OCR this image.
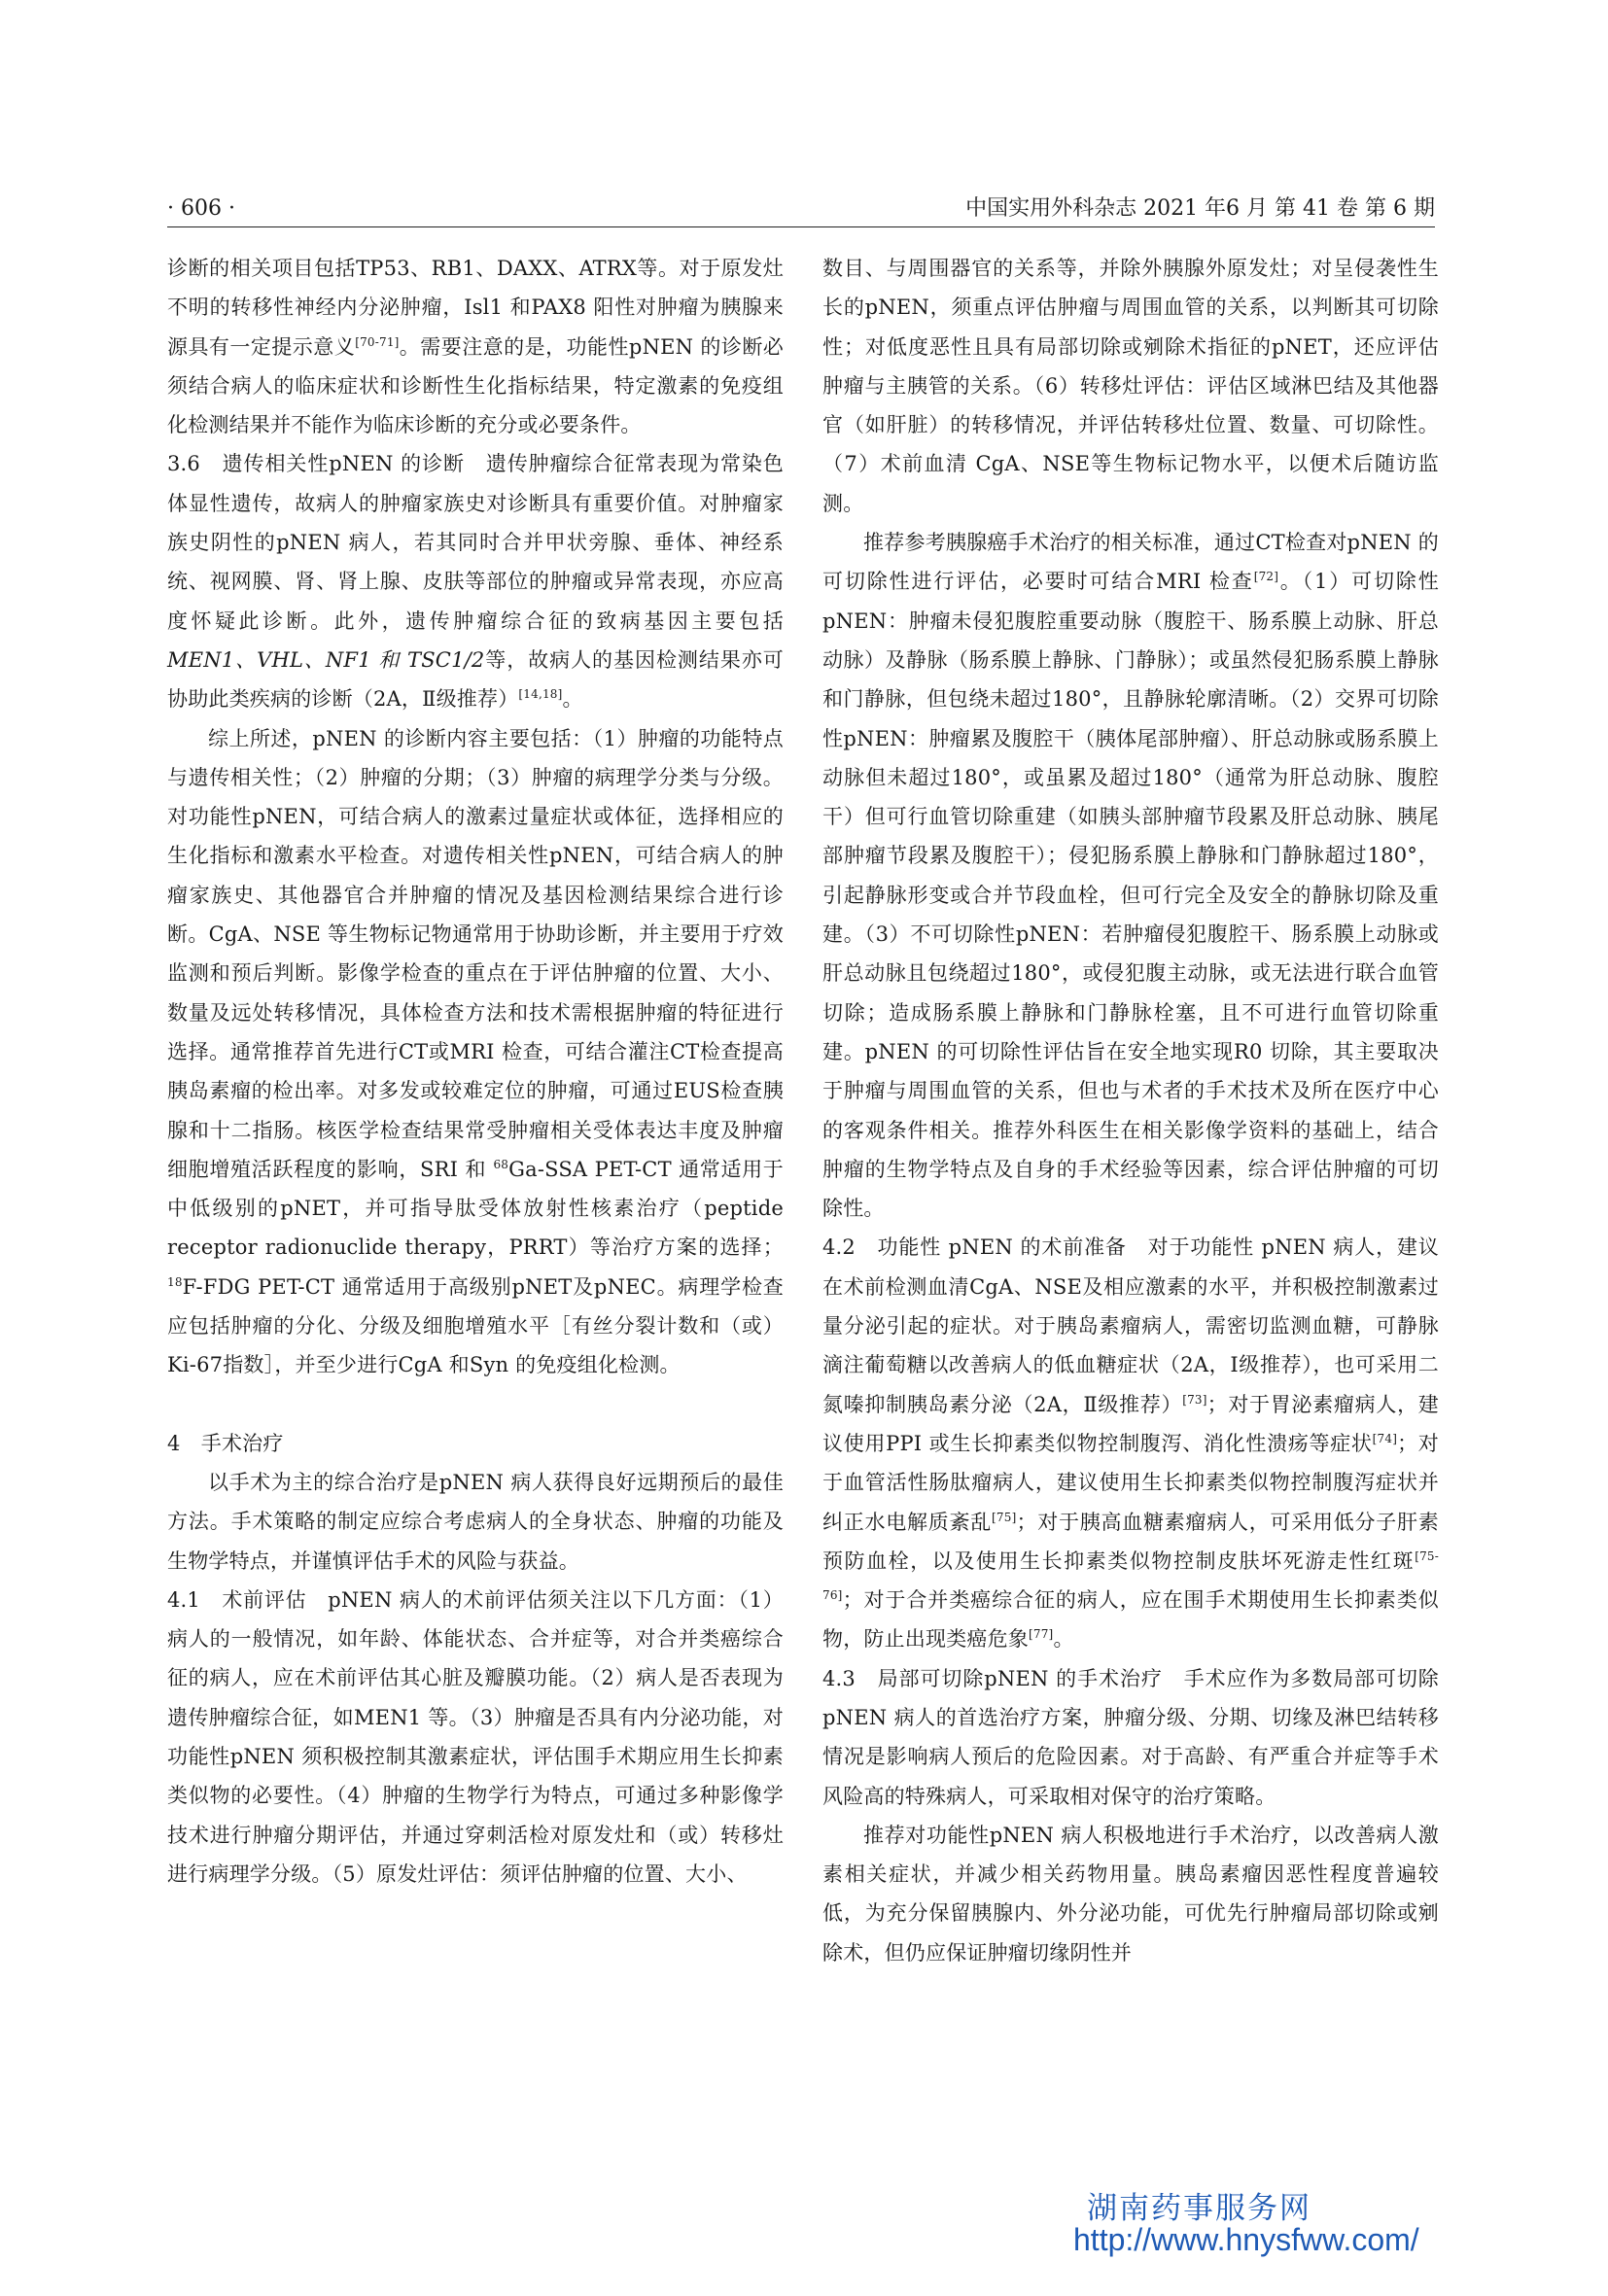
· 606 ·	中国实用外科杂志 2021 年6 月 第 41 卷 第 6 期

诊断的相关项目包括TP53、RB1、DAXX、ATRX等。对于原发灶不明的转移性神经内分泌肿瘤，Isl1 和PAX8 阳性对肿瘤为胰腺来源具有一定提示意义[70-71]。需要注意的是，功能性pNEN 的诊断必须结合病人的临床症状和诊断性生化指标结果，特定激素的免疫组化检测结果并不能作为临床诊断的充分或必要条件。

3.6　遗传相关性pNEN 的诊断　遗传肿瘤综合征常表现为常染色体显性遗传，故病人的肿瘤家族史对诊断具有重要价值。对肿瘤家族史阴性的pNEN 病人，若其同时合并甲状旁腺、垂体、神经系统、视网膜、肾、肾上腺、皮肤等部位的肿瘤或异常表现，亦应高度怀疑此诊断。此外，遗传肿瘤综合征的致病基因主要包括MEN1、VHL、NF1 和 TSC1/2等，故病人的基因检测结果亦可协助此类疾病的诊断（2A，Ⅱ级推荐）[14,18]。

综上所述，pNEN 的诊断内容主要包括：（1）肿瘤的功能特点与遗传相关性；（2）肿瘤的分期；（3）肿瘤的病理学分类与分级。对功能性pNEN，可结合病人的激素过量症状或体征，选择相应的生化指标和激素水平检查。对遗传相关性pNEN，可结合病人的肿瘤家族史、其他器官合并肿瘤的情况及基因检测结果综合进行诊断。CgA、NSE 等生物标记物通常用于协助诊断，并主要用于疗效监测和预后判断。影像学检查的重点在于评估肿瘤的位置、大小、数量及远处转移情况，具体检查方法和技术需根据肿瘤的特征进行选择。通常推荐首先进行CT或MRI 检查，可结合灌注CT检查提高胰岛素瘤的检出率。对多发或较难定位的肿瘤，可通过EUS检查胰腺和十二指肠。核医学检查结果常受肿瘤相关受体表达丰度及肿瘤细胞增殖活跃程度的影响，SRI 和 $^{68}$Ga-SSA PET-CT 通常适用于中低级别的pNET，并可指导肽受体放射性核素治疗（peptide receptor radionuclide therapy，PRRT）等治疗方案的选择；$^{18}$F-FDG PET-CT 通常适用于高级别pNET及pNEC。病理学检查应包括肿瘤的分化、分级及细胞增殖水平［有丝分裂计数和（或）Ki-67指数］，并至少进行CgA 和Syn 的免疫组化检测。

4　手术治疗

以手术为主的综合治疗是pNEN 病人获得良好远期预后的最佳方法。手术策略的制定应综合考虑病人的全身状态、肿瘤的功能及生物学特点，并谨慎评估手术的风险与获益。

4.1　术前评估　pNEN 病人的术前评估须关注以下几方面：（1）病人的一般情况，如年龄、体能状态、合并症等，对合并类癌综合征的病人，应在术前评估其心脏及瓣膜功能。（2）病人是否表现为遗传肿瘤综合征，如MEN1 等。（3）肿瘤是否具有内分泌功能，对功能性pNEN 须积极控制其激素症状，评估围手术期应用生长抑素类似物的必要性。（4）肿瘤的生物学行为特点，可通过多种影像学技术进行肿瘤分期评估，并通过穿刺活检对原发灶和（或）转移灶进行病理学分级。（5）原发灶评估：须评估肿瘤的位置、大小、

数目、与周围器官的关系等，并除外胰腺外原发灶；对呈侵袭性生长的pNEN，须重点评估肿瘤与周围血管的关系，以判断其可切除性；对低度恶性且具有局部切除或剜除术指征的pNET，还应评估肿瘤与主胰管的关系。（6）转移灶评估：评估区域淋巴结及其他器官（如肝脏）的转移情况，并评估转移灶位置、数量、可切除性。（7）术前血清 CgA、NSE等生物标记物水平，以便术后随访监测。

推荐参考胰腺癌手术治疗的相关标准，通过CT检查对pNEN 的可切除性进行评估，必要时可结合MRI 检查[72]。（1）可切除性pNEN：肿瘤未侵犯腹腔重要动脉（腹腔干、肠系膜上动脉、肝总动脉）及静脉（肠系膜上静脉、门静脉）；或虽然侵犯肠系膜上静脉和门静脉，但包绕未超过180°，且静脉轮廓清晰。（2）交界可切除性pNEN：肿瘤累及腹腔干（胰体尾部肿瘤）、肝总动脉或肠系膜上动脉但未超过180°，或虽累及超过180°（通常为肝总动脉、腹腔干）但可行血管切除重建（如胰头部肿瘤节段累及肝总动脉、胰尾部肿瘤节段累及腹腔干）；侵犯肠系膜上静脉和门静脉超过180°，引起静脉形变或合并节段血栓，但可行完全及安全的静脉切除及重建。（3）不可切除性pNEN：若肿瘤侵犯腹腔干、肠系膜上动脉或肝总动脉且包绕超过180°，或侵犯腹主动脉，或无法进行联合血管切除；造成肠系膜上静脉和门静脉栓塞，且不可进行血管切除重建。pNEN 的可切除性评估旨在安全地实现R0 切除，其主要取决于肿瘤与周围血管的关系，但也与术者的手术技术及所在医疗中心的客观条件相关。推荐外科医生在相关影像学资料的基础上，结合肿瘤的生物学特点及自身的手术经验等因素，综合评估肿瘤的可切除性。

4.2　功能性 pNEN 的术前准备　对于功能性 pNEN 病人，建议在术前检测血清CgA、NSE及相应激素的水平，并积极控制激素过量分泌引起的症状。对于胰岛素瘤病人，需密切监测血糖，可静脉滴注葡萄糖以改善病人的低血糖症状（2A，Ⅰ级推荐），也可采用二氮嗪抑制胰岛素分泌（2A，Ⅱ级推荐）[73]；对于胃泌素瘤病人，建议使用PPI 或生长抑素类似物控制腹泻、消化性溃疡等症状[74]；对于血管活性肠肽瘤病人，建议使用生长抑素类似物控制腹泻症状并纠正水电解质紊乱[75]；对于胰高血糖素瘤病人，可采用低分子肝素预防血栓，以及使用生长抑素类似物控制皮肤坏死游走性红斑[75-76]；对于合并类癌综合征的病人，应在围手术期使用生长抑素类似物，防止出现类癌危象[77]。

4.3　局部可切除pNEN 的手术治疗　手术应作为多数局部可切除pNEN 病人的首选治疗方案，肿瘤分级、分期、切缘及淋巴结转移情况是影响病人预后的危险因素。对于高龄、有严重合并症等手术风险高的特殊病人，可采取相对保守的治疗策略。

推荐对功能性pNEN 病人积极地进行手术治疗，以改善病人激素相关症状，并减少相关药物用量。胰岛素瘤因恶性程度普遍较低，为充分保留胰腺内、外分泌功能，可优先行肿瘤局部切除或剜除术，但仍应保证肿瘤切缘阴性并

湖南药事服务网
http://www.hnysfww.com/
